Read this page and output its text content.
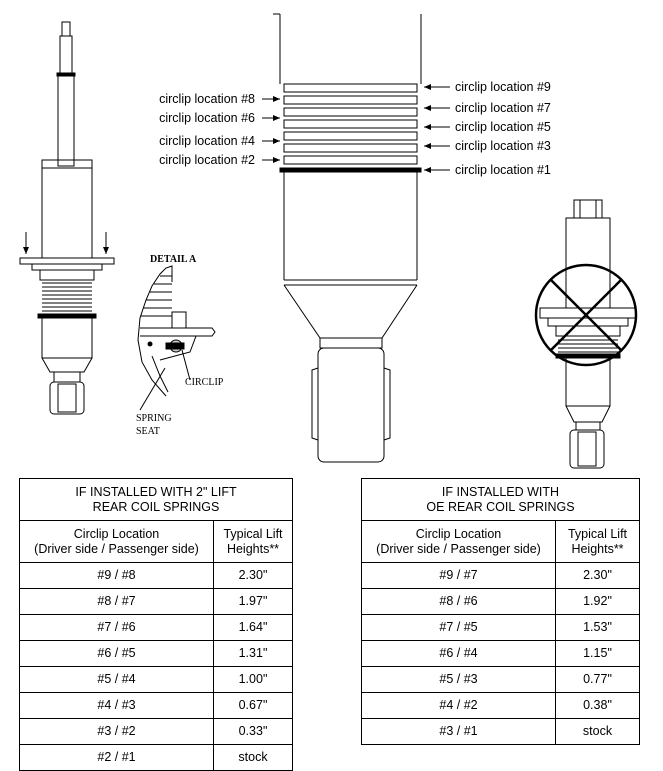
DETAIL A
CIRCLIP
SPRING
SEAT
circlip location #9
circlip location #7
circlip location #5
circlip location #3
circlip location #1
circlip location #8
circlip location #6
circlip location #4
circlip location #2
IF INSTALLED WITH 2" LIFT
REAR COIL SPRINGS	
Circlip Location
(Driver side / Passenger side)	Typical Lift
Heights**
#9 / #8	2.30"
#8 / #7	1.97"
#7 / #6	1.64"
#6 / #5	1.31"
#5 / #4	1.00"
#4 / #3	0.67"
#3 / #2	0.33"
#2 / #1	stock
IF INSTALLED WITH
OE REAR COIL SPRINGS	
Circlip Location
(Driver side / Passenger side)	Typical Lift
Heights**
#9 / #7	2.30"
#8 / #6	1.92"
#7 / #5	1.53"
#6 / #4	1.15"
#5 / #3	0.77"
#4 / #2	0.38"
#3 / #1	stock
